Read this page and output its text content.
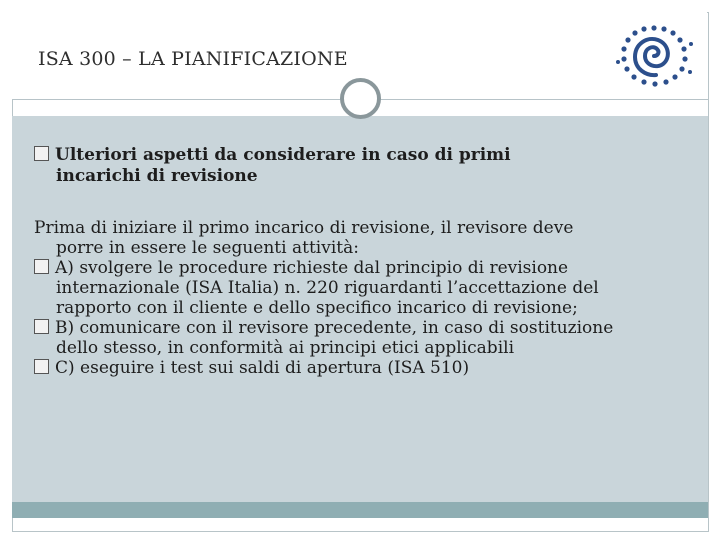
ISA 300 – LA PIANIFICAZIONE
Ulteriori aspetti da considerare in caso di primi
incarichi di revisione
Prima di iniziare il primo incarico di revisione, il revisore deve
porre in essere le seguenti attività:
A) svolgere le procedure richieste dal principio di revisione
internazionale (ISA Italia) n. 220 riguardanti l’accettazione del
rapporto con il cliente e dello specifico incarico di revisione;
B) comunicare con il revisore precedente, in caso di sostituzione
dello stesso, in conformità ai principi etici applicabili
C) eseguire i test sui saldi di apertura (ISA 510)
